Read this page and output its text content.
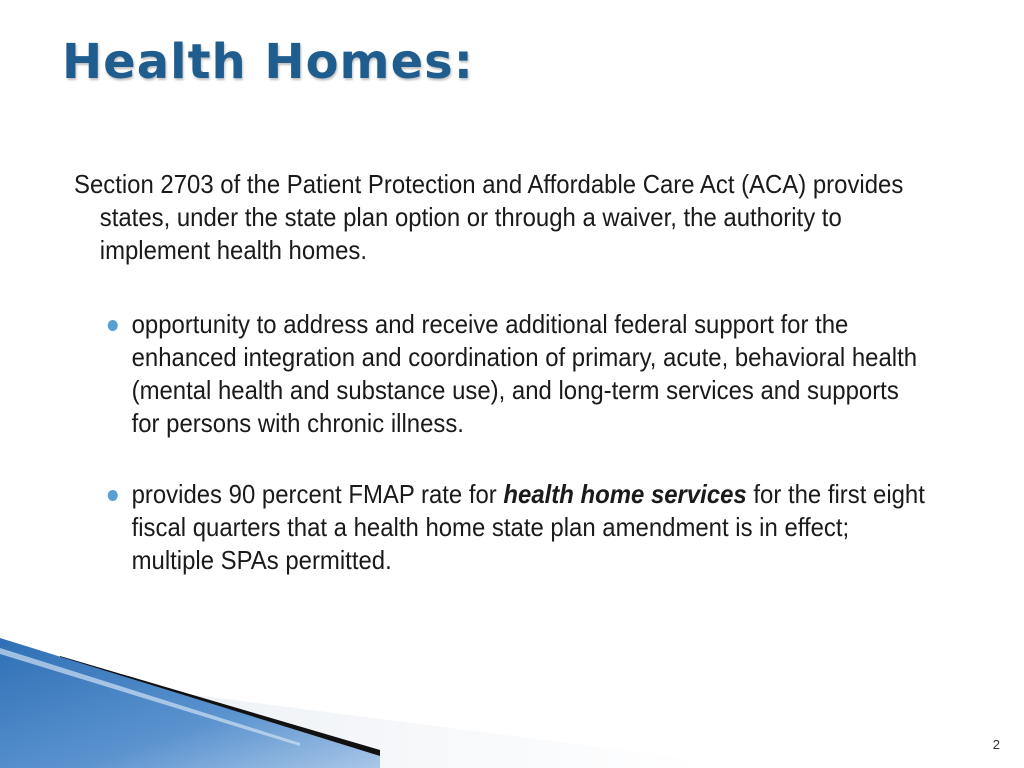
Health Homes:

Section 2703 of the Patient Protection and Affordable Care Act (ACA) provides states, under the state plan option or through a waiver, the authority to implement health homes.

opportunity to address and receive additional federal support for the enhanced integration and coordination of primary, acute, behavioral health (mental health and substance use), and long-term services and supports for persons with chronic illness.
provides 90 percent FMAP rate for health home services for the first eight fiscal quarters that a health home state plan amendment is in effect; multiple SPAs permitted.
2
